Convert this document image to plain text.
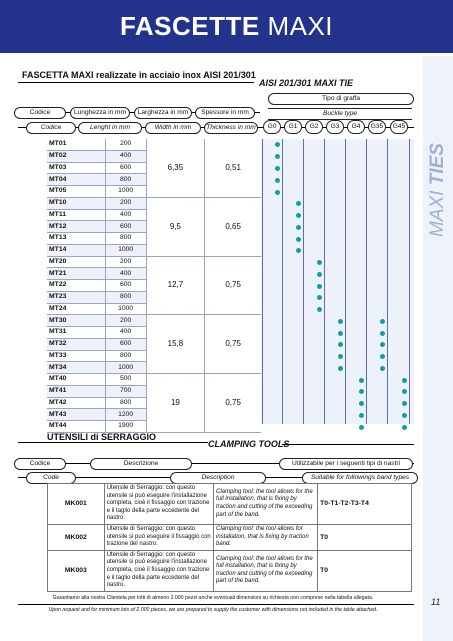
FASCETTE MAXI
MAXI TIES
FASCETTA MAXI realizzate in acciaio inox AISI 201/301
AISI 201/301 MAXI TIE
Tipo di graffa
Buckle type
Codice	Lunghezza in mm	Larghezza in mm	Spessore in mm
Codice	Lenght in mm	Width in mm	Thickness in mm	G0	G1	G2	G3	G4	G35	G45
MT01	200	6,35	0,51
MT02	400		
MT03	600		
MT04	800		
MT05	1000		
MT10	200	9,5	0,65
MT11	400		
MT12	600		
MT13	800		
MT14	1000		
MT20	200	12,7	0,75
MT21	400		
MT22	600		
MT23	800		
MT24	1000		
MT30	200	15,8	0,75
MT31	400		
MT32	600		
MT33	800		
MT34	1000		
MT40	500	19	0,75
MT41	700		
MT42	800		
MT43	1200		
MT44	1900		
UTENSILI di SERRAGGIO
CLAMPING TOOLS
Codice	Descrizione	Utilizzabile per i seguenti tipi di nastri
Code	Description	Suitable for followings band types
MK001	Utensile di Serraggio: con questo utensile si può eseguire l'installazione completa, cioè il fissaggio con trazione e il taglio della parte eccedente del nastro.	Clamping tool: the tool allows for the full installation, that is fixing by traction and cutting of the exceeding part of the band.	T0-T1-T2-T3-T4
MK002	Utensile di Serraggio: con questo utensile si può eseguire il fissaggio con trazione del nastro.	Clamping tool: the tool allows for installation, that is fixing by traction band.	T0
MK003	Utensile di Serraggio: con questo utensile si può eseguire l'installazione completa, cioè il fissaggio con trazione e il taglio della parte eccedente del nastro.	Clamping tool: the tool allows for the full installation, that is fixing by traction and cutting of the exceeding part of the band.	T0
Garantiamo alla nostra Clientela per lotti di almeno 2.000 pezzi anche eventuali dimensioni su richiesta non comprese nella tabella allegata.
Upon request and for minimum lots of 2.000 pieces, we are prepared to supply the customer with dimensions not included in the table attached.
11
